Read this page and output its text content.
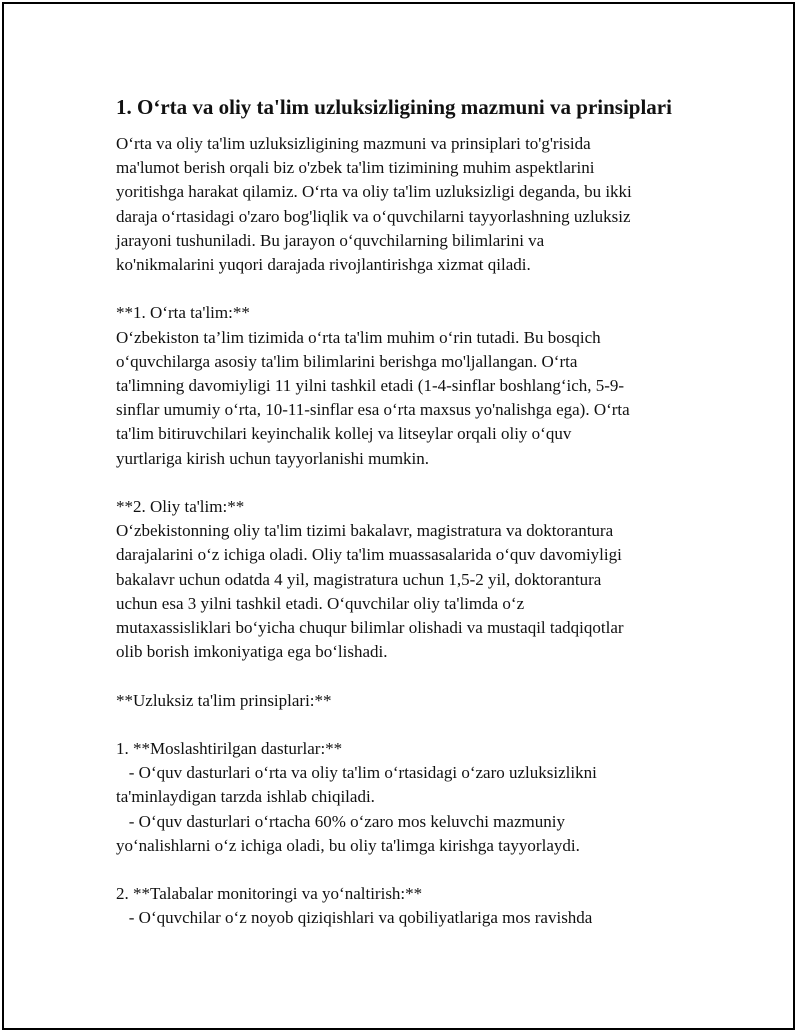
1. O‘rta va oliy ta'lim uzluksizligining mazmuni va prinsiplari

O‘rta va oliy ta'lim uzluksizligining mazmuni va prinsiplari to'g'risida
ma'lumot berish orqali biz o'zbek ta'lim tizimining muhim aspektlarini
yoritishga harakat qilamiz. O‘rta va oliy ta'lim uzluksizligi deganda, bu ikki
daraja o‘rtasidagi o'zaro bog'liqlik va o‘quvchilarni tayyorlashning uzluksiz
jarayoni tushuniladi. Bu jarayon o‘quvchilarning bilimlarini va
ko'nikmalarini yuqori darajada rivojlantirishga xizmat qiladi.

**1. O‘rta ta'lim:**

O‘zbekiston ta’lim tizimida o‘rta ta'lim muhim o‘rin tutadi. Bu bosqich
o‘quvchilarga asosiy ta'lim bilimlarini berishga mo'ljallangan. O‘rta
ta'limning davomiyligi 11 yilni tashkil etadi (1-4-sinflar boshlang‘ich, 5-9-
sinflar umumiy o‘rta, 10-11-sinflar esa o‘rta maxsus yo'nalishga ega). O‘rta
ta'lim bitiruvchilari keyinchalik kollej va litseylar orqali oliy o‘quv
yurtlariga kirish uchun tayyorlanishi mumkin.

**2. Oliy ta'lim:**

O‘zbekistonning oliy ta'lim tizimi bakalavr, magistratura va doktorantura
darajalarini o‘z ichiga oladi. Oliy ta'lim muassasalarida o‘quv davomiyligi
bakalavr uchun odatda 4 yil, magistratura uchun 1,5-2 yil, doktorantura
uchun esa 3 yilni tashkil etadi. O‘quvchilar oliy ta'limda o‘z
mutaxassisliklari bo‘yicha chuqur bilimlar olishadi va mustaqil tadqiqotlar
olib borish imkoniyatiga ega bo‘lishadi.

**Uzluksiz ta'lim prinsiplari:**

1. **Moslashtirilgan dasturlar:**

- O‘quv dasturlari o‘rta va oliy ta'lim o‘rtasidagi o‘zaro uzluksizlikni
ta'minlaydigan tarzda ishlab chiqiladi.
- O‘quv dasturlari o‘rtacha 60% o‘zaro mos keluvchi mazmuniy
yo‘nalishlarni o‘z ichiga oladi, bu oliy ta'limga kirishga tayyorlaydi.

2. **Talabalar monitoringi va yo‘naltirish:**

- O‘quvchilar o‘z noyob qiziqishlari va qobiliyatlariga mos ravishda
